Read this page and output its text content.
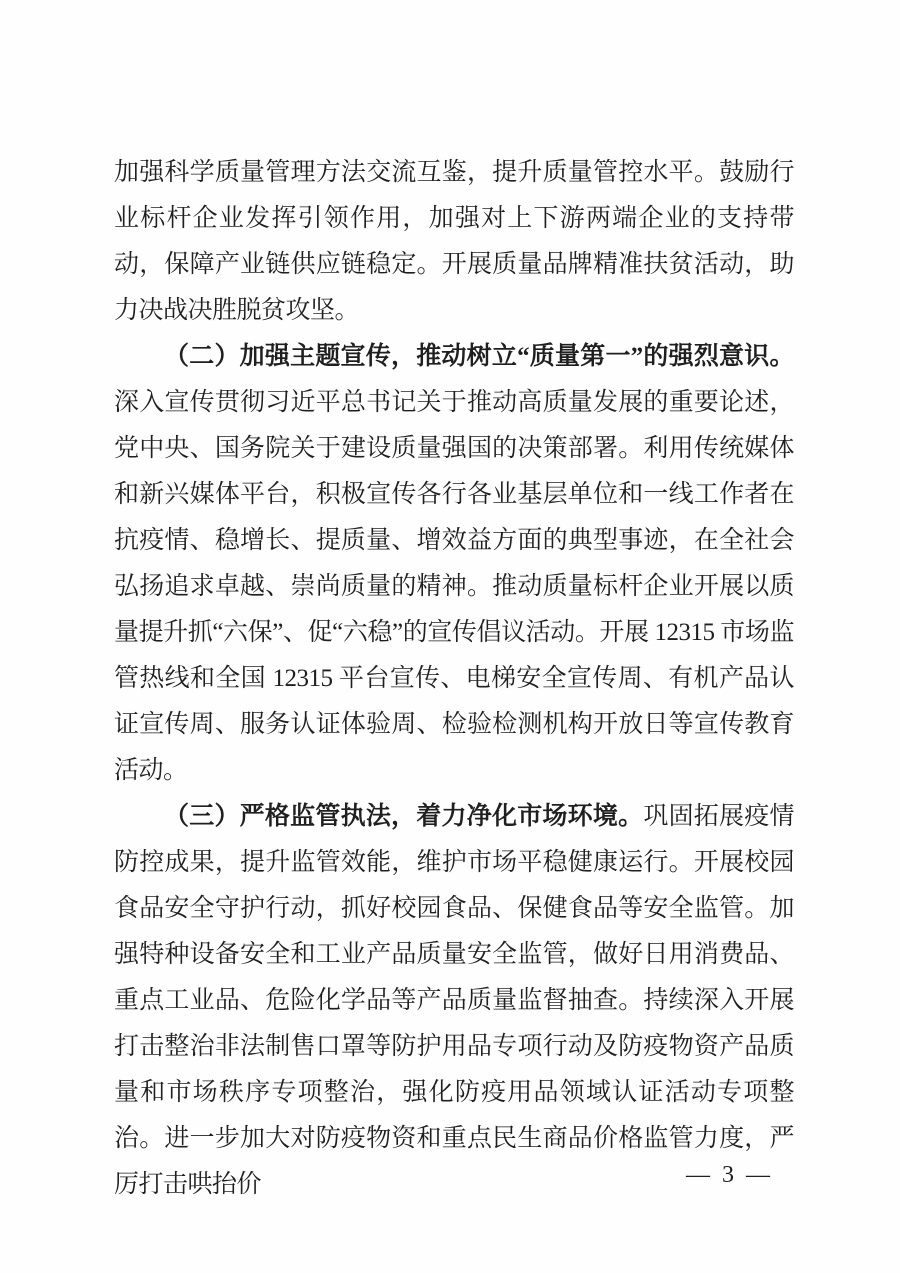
加强科学质量管理方法交流互鉴，提升质量管控水平。鼓励行业标杆企业发挥引领作用，加强对上下游两端企业的支持带动，保障产业链供应链稳定。开展质量品牌精准扶贫活动，助力决战决胜脱贫攻坚。

（二）加强主题宣传，推动树立“质量第一”的强烈意识。深入宣传贯彻习近平总书记关于推动高质量发展的重要论述，党中央、国务院关于建设质量强国的决策部署。利用传统媒体和新兴媒体平台，积极宣传各行各业基层单位和一线工作者在抗疫情、稳增长、提质量、增效益方面的典型事迹，在全社会弘扬追求卓越、崇尚质量的精神。推动质量标杆企业开展以质量提升抓“六保”、促“六稳”的宣传倡议活动。开展 12315 市场监管热线和全国 12315 平台宣传、电梯安全宣传周、有机产品认证宣传周、服务认证体验周、检验检测机构开放日等宣传教育活动。

（三）严格监管执法，着力净化市场环境。巩固拓展疫情防控成果，提升监管效能，维护市场平稳健康运行。开展校园食品安全守护行动，抓好校园食品、保健食品等安全监管。加强特种设备安全和工业产品质量安全监管，做好日用消费品、重点工业品、危险化学品等产品质量监督抽查。持续深入开展打击整治非法制售口罩等防护用品专项行动及防疫物资产品质量和市场秩序专项整治，强化防疫用品领域认证活动专项整治。进一步加大对防疫物资和重点民生商品价格监管力度，严厉打击哄抬价	— 3 —
